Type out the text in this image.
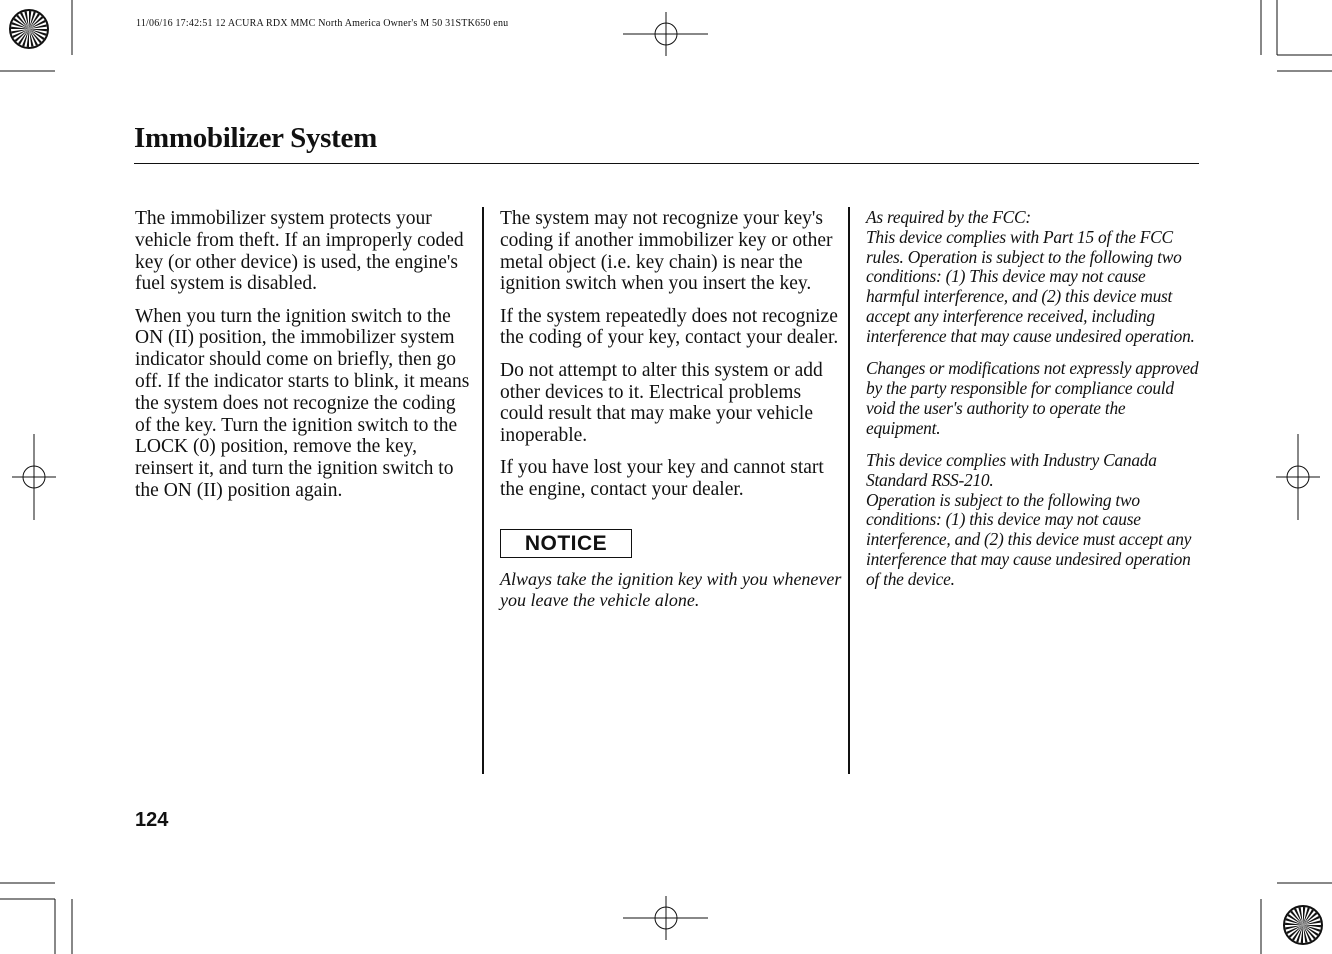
11/06/16 17:42:51 12 ACURA RDX MMC North America Owner's M 50 31STK650 enu
Immobilizer System

The immobilizer system protects your vehicle from theft. If an improperly coded key (or other device) is used, the engine's fuel system is disabled.

When you turn the ignition switch to the ON (II) position, the immobilizer system indicator should come on briefly, then go off. If the indicator starts to blink, it means the system does not recognize the coding of the key. Turn the ignition switch to the LOCK (0) position, remove the key, reinsert it, and turn the ignition switch to the ON (II) position again.

The system may not recognize your key's coding if another immobilizer key or other metal object (i.e. key chain) is near the ignition switch when you insert the key.

If the system repeatedly does not recognize the coding of your key, contact your dealer.

Do not attempt to alter this system or add other devices to it. Electrical problems could result that may make your vehicle inoperable.

If you have lost your key and cannot start the engine, contact your dealer.

NOTICE
Always take the ignition key with you whenever you leave the vehicle alone.

As required by the FCC:
This device complies with Part 15 of the FCC rules. Operation is subject to the following two conditions: (1) This device may not cause harmful interference, and (2) this device must accept any interference received, including interference that may cause undesired operation.

Changes or modifications not expressly approved by the party responsible for compliance could void the user's authority to operate the equipment.

This device complies with Industry Canada Standard RSS-210.
Operation is subject to the following two conditions: (1) this device may not cause interference, and (2) this device must accept any interference that may cause undesired operation of the device.

124
